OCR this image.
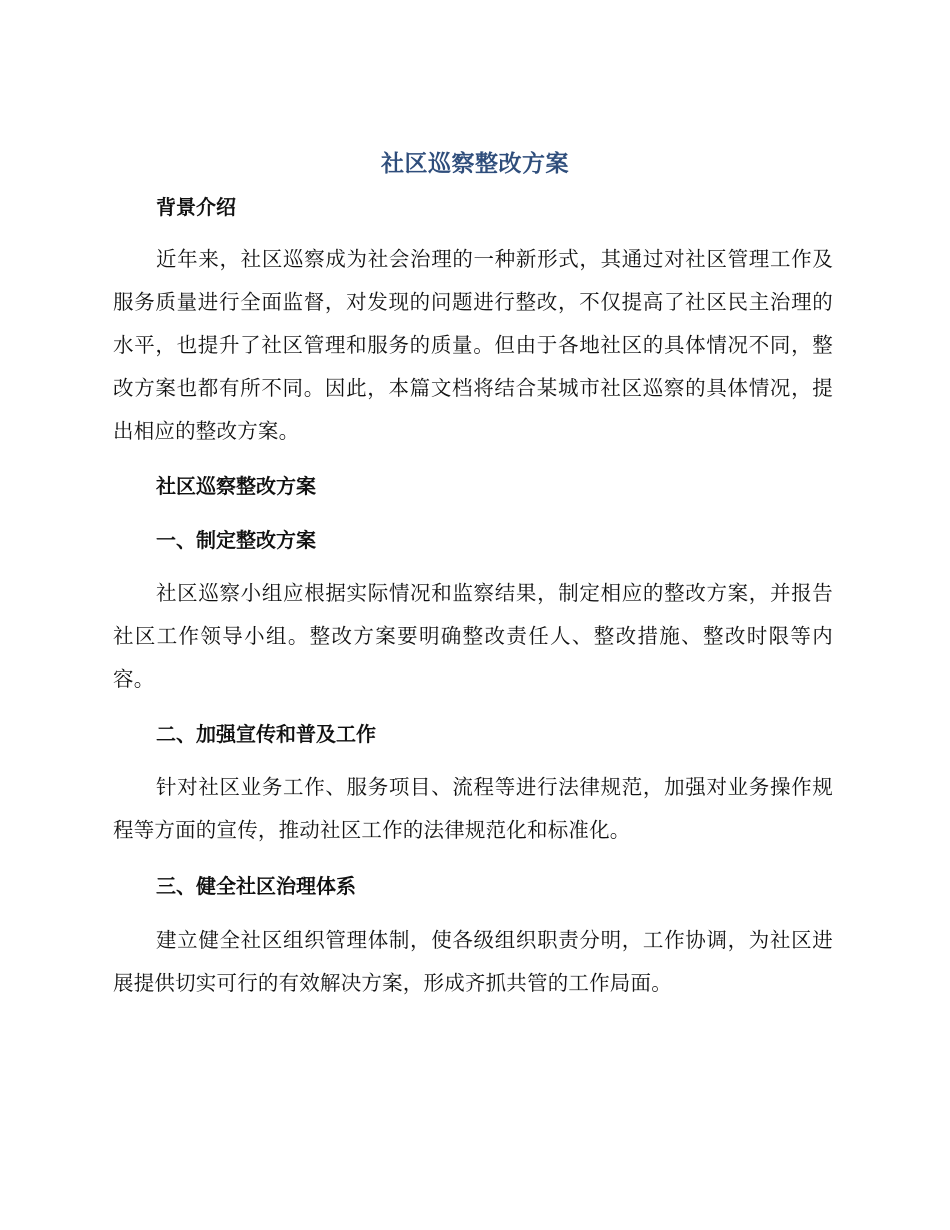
社区巡察整改方案
背景介绍

近年来，社区巡察成为社会治理的一种新形式，其通过对社区管理工作及服务质量进行全面监督，对发现的问题进行整改，不仅提高了社区民主治理的水平，也提升了社区管理和服务的质量。但由于各地社区的具体情况不同，整改方案也都有所不同。因此，本篇文档将结合某城市社区巡察的具体情况，提出相应的整改方案。

社区巡察整改方案
一、制定整改方案

社区巡察小组应根据实际情况和监察结果，制定相应的整改方案，并报告社区工作领导小组。整改方案要明确整改责任人、整改措施、整改时限等内容。

二、加强宣传和普及工作

针对社区业务工作、服务项目、流程等进行法律规范，加强对业务操作规程等方面的宣传，推动社区工作的法律规范化和标准化。

三、健全社区治理体系

建立健全社区组织管理体制，使各级组织职责分明，工作协调，为社区进展提供切实可行的有效解决方案，形成齐抓共管的工作局面。
